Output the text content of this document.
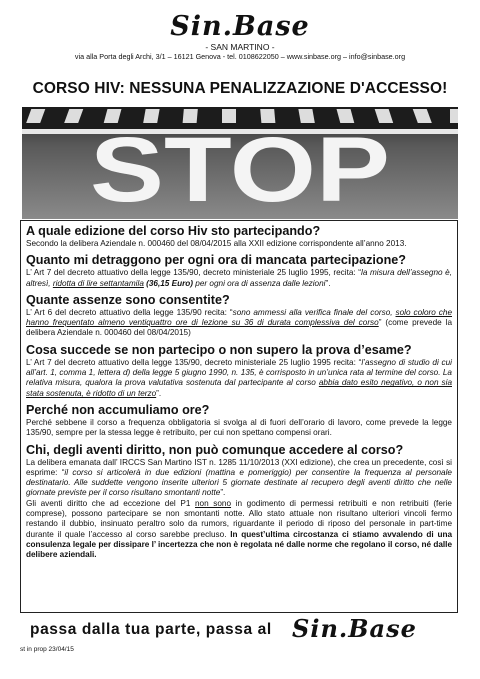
Sin.Base
- SAN MARTINO -
via alla Porta degli Archi, 3/1 – 16121 Genova - tel. 0108622050 – www.sinbase.org – info@sinbase.org
CORSO HIV: NESSUNA PENALIZZAZIONE D'ACCESSO!
STOP

A quale edizione del corso Hiv sto partecipando?

Secondo la delibera Aziendale n. 000460 del 08/04/2015 alla XXII edizione corrispondente all’anno 2013.

Quanto mi detraggono per ogni ora di mancata partecipazione?

L’ Art 7 del decreto attuativo della legge 135/90, decreto ministeriale 25 luglio 1995, recita: “la misura dell’assegno è, altresì, ridotta di lire settantamila (36,15 Euro) per ogni ora di assenza dalle lezioni”.

Quante assenze sono consentite?

L’ Art 6 del decreto attuativo della legge 135/90 recita: “sono ammessi alla verifica finale del corso, solo coloro che hanno frequentato almeno ventiquattro ore di lezione su 36 di durata complessiva del corso” (come prevede la delibera Aziendale n. 000460 del 08/04/2015)

Cosa succede se non partecipo o non supero la prova d’esame?

L’ Art 7 del decreto attuativo della legge 135/90, decreto ministeriale 25 luglio 1995 recita: “l’assegno di studio di cui all’art. 1, comma 1, lettera d) della legge 5 giugno 1990, n. 135, è corrisposto in un’unica rata al termine del corso. La relativa misura, qualora la prova valutativa sostenuta dal partecipante al corso abbia dato esito negativo, o non sia stata sostenuta, è ridotto di un terzo”.

Perché non accumuliamo ore?

Perché sebbene il corso a frequenza obbligatoria si svolga al di fuori dell’orario di lavoro, come prevede la legge 135/90, sempre per la stessa legge è retribuito, per cui non spettano compensi orari.

Chi, degli aventi diritto, non può comunque accedere al corso?

La delibera emanata dall’ IRCCS San Martino IST n. 1285 11/10/2013 (XXI edizione), che crea un precedente, così si esprime: “il corso si articolerà in due edizioni (mattina e pomeriggio) per consentire la frequenza al personale destinatario. Alle suddette vengono inserite ulteriori 5 giornate destinate al recupero degli aventi diritto che nelle giornate previste per il corso risultano smontanti notte”.

Gli aventi diritto che ad eccezione del P1 non sono in godimento di permessi retribuiti e non retribuiti (ferie comprese), possono partecipare se non smontanti notte. Allo stato attuale non risultano ulteriori vincoli fermo restando il dubbio, insinuato peraltro solo da rumors, riguardante il periodo di riposo del personale in part-time durante il quale l’accesso al corso sarebbe precluso. In quest’ultima circostanza ci stiamo avvalendo di una consulenza legale per dissipare l’ incertezza che non è regolata né dalle norme che regolano il corso, né dalle delibere aziendali.

passa dalla tua parte, passa al Sin.Base
st in prop 23/04/15
